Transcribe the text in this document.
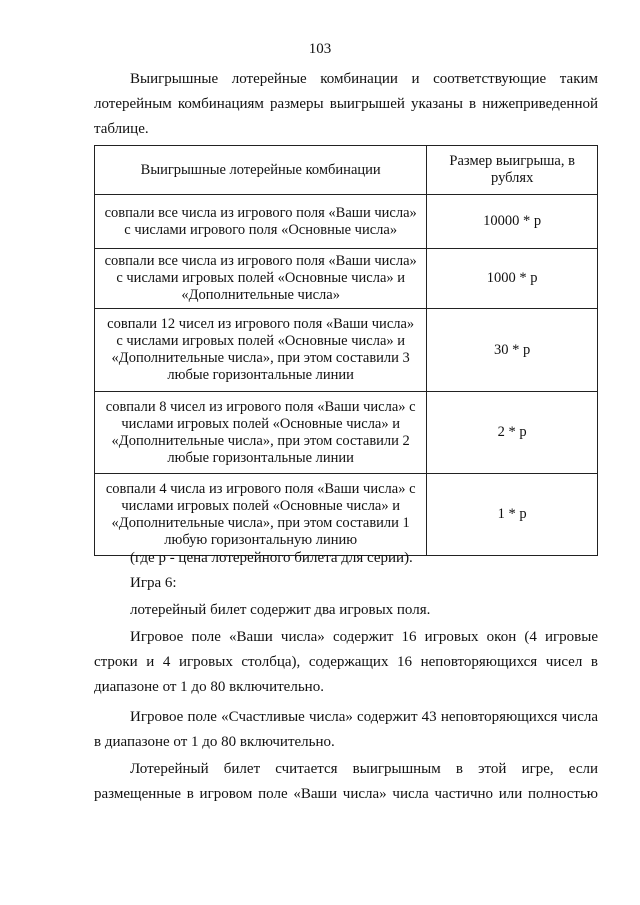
103
Выигрышные лотерейные комбинации и соответствующие таким
лотерейным комбинациям размеры выигрышей указаны в нижеприведенной
таблице.
Выигрышные лотерейные комбинации	Размер выигрыша, в
рублях

совпали все числа из игрового поля «Ваши числа»
с числами игрового поля «Основные числа»	10000 * р

совпали все числа из игрового поля «Ваши числа»
с числами игровых полей «Основные числа» и
«Дополнительные числа»	1000 * р

совпали 12 чисел из игрового поля «Ваши числа»
с числами игровых полей «Основные числа» и
«Дополнительные числа», при этом составили 3
любые горизонтальные линии	30 * р

совпали 8 чисел из игрового поля «Ваши числа» с
числами игровых полей «Основные числа» и
«Дополнительные числа», при этом составили 2
любые горизонтальные линии	2 * р

совпали 4 числа из игрового поля «Ваши числа» с
числами игровых полей «Основные числа» и
«Дополнительные числа», при этом составили 1
любую горизонтальную линию	1 * р
(где р - цена лотерейного билета для серии).
Игра 6:
лотерейный билет содержит два игровых поля.
Игровое поле «Ваши числа» содержит 16 игровых окон (4 игровые
строки и 4 игровых столбца), содержащих 16 неповторяющихся чисел в
диапазоне от 1 до 80 включительно.
Игровое поле «Счастливые числа» содержит 43 неповторяющихся числа
в диапазоне от 1 до 80 включительно.
Лотерейный билет считается выигрышным в этой игре, если
размещенные в игровом поле «Ваши числа» числа частично или полностью
